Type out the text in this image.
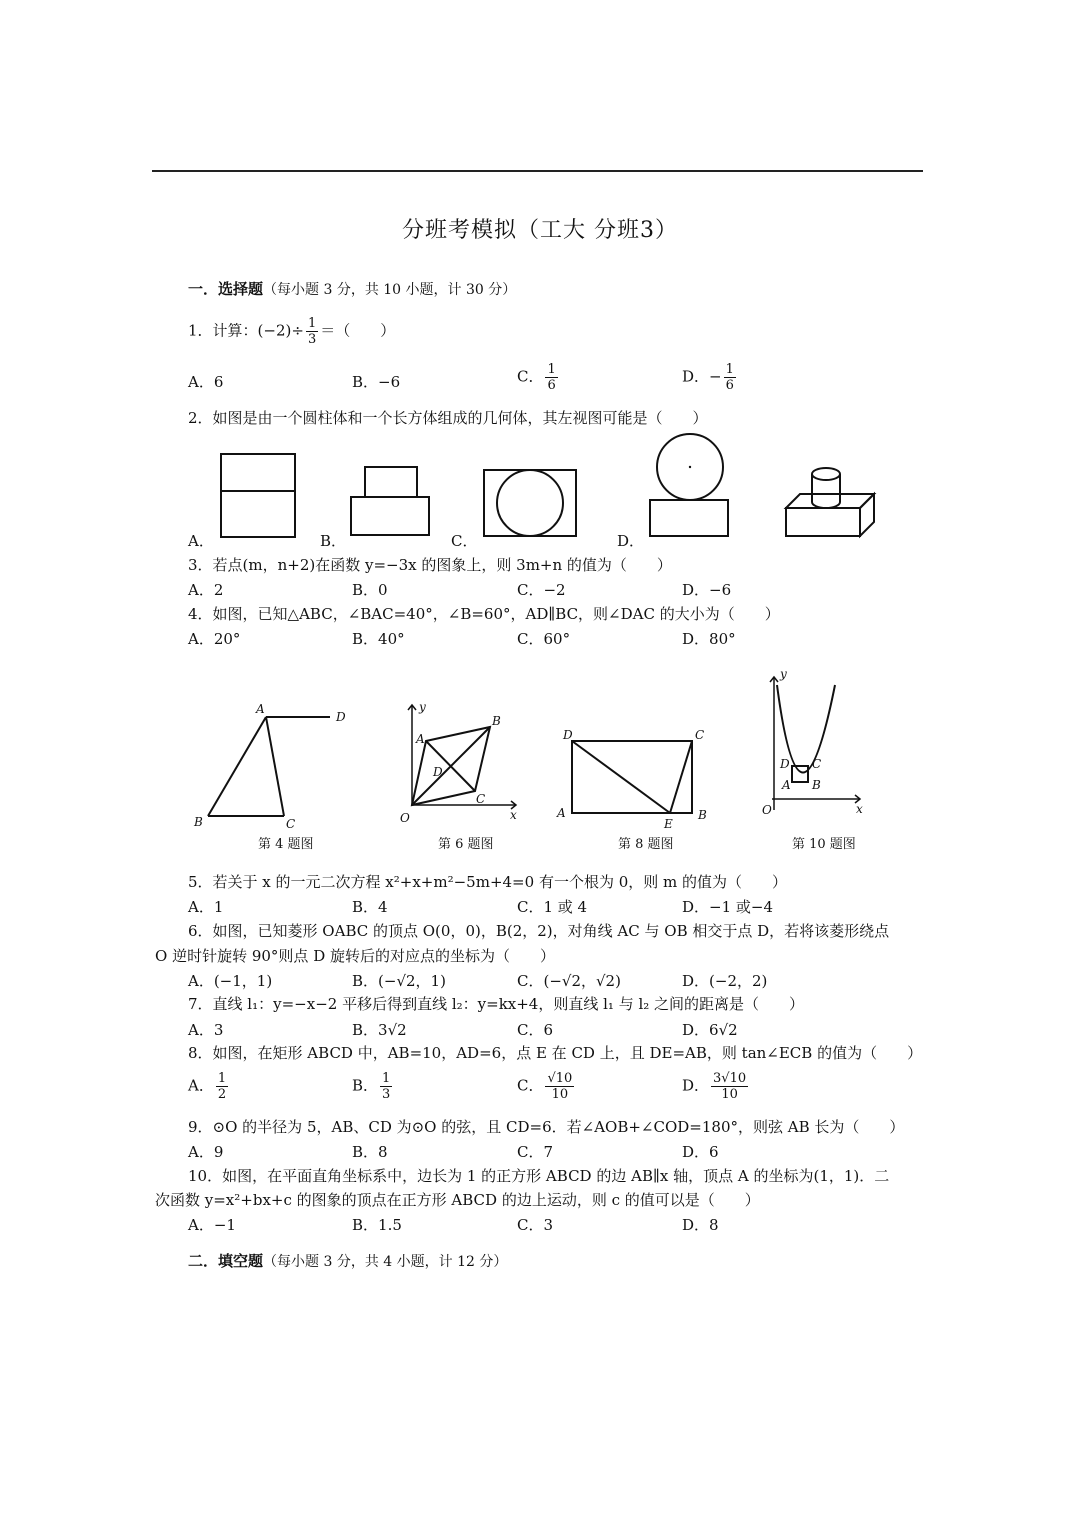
分班考模拟（工大 分班3）
一．选择题（每小题 3 分，共 10 小题，计 30 分）
1．计算：$(-2)\div \frac{1}{3}$ ＝（　　）
A．6	B．−6	C． $\frac{1}{6}$	D．− $\frac{1}{6}$
2．如图是由一个圆柱体和一个长方体组成的几何体，其左视图可能是（　　）
A．	B．	C．	D．
3．若点(m，n+2)在函数 y=−3x 的图象上，则 3m+n 的值为（　　）
A．2	B．0	C．−2	D．−6
4．如图，已知△ABC，∠BAC=40°，∠B=60°，AD∥BC，则∠DAC 的大小为（　　）
A．20°	B．40°	C．60°	D．80°
A
D
B	C
y
B
A
D
C
O	x
第 6 题图
D	C
A
E
B
第 8 题图
y
D C
A B
O	x
第 10 题图
第 4 题图
5．若关于 x 的一元二次方程 x²+x+m²−5m+4=0 有一个根为 0，则 m 的值为（　　）
A．1	B．4	C．1 或 4	D．−1 或−4
6．如图，已知菱形 OABC 的顶点 O(0，0)，B(2，2)，对角线 AC 与 OB 相交于点 D，若将该菱形绕点
O 逆时针旋转 90°则点 D 旋转后的对应点的坐标为（　　）
A．(−1，1)	B．(−√2，1)	C．(−√2，√2)	D．(−2，2)
7．直线 l₁：y=−x−2 平移后得到直线 l₂：y=kx+4，则直线 l₁ 与 l₂ 之间的距离是（　　）
A．3	B．3√2	C．6	D．6√2
8．如图，在矩形 ABCD 中，AB=10，AD=6，点 E 在 CD 上，且 DE=AB，则 tan∠ECB 的值为（　　）
A． $\frac{1}{2}$	B． $\frac{1}{3}$	C． $\frac{√10}{10}$	D． $\frac{3√10}{10}$
9．⊙O 的半径为 5，AB、CD 为⊙O 的弦，且 CD=6．若∠AOB+∠COD=180°，则弦 AB 长为（　　）
A．9	B．8	C．7	D．6
10．如图，在平面直角坐标系中，边长为 1 的正方形 ABCD 的边 AB∥x 轴，顶点 A 的坐标为(1，1)．二
次函数 y=x²+bx+c 的图象的顶点在正方形 ABCD 的边上运动，则 c 的值可以是（　　）
A．−1	B．1.5	C．3	D．8
二．填空题（每小题 3 分，共 4 小题，计 12 分）
